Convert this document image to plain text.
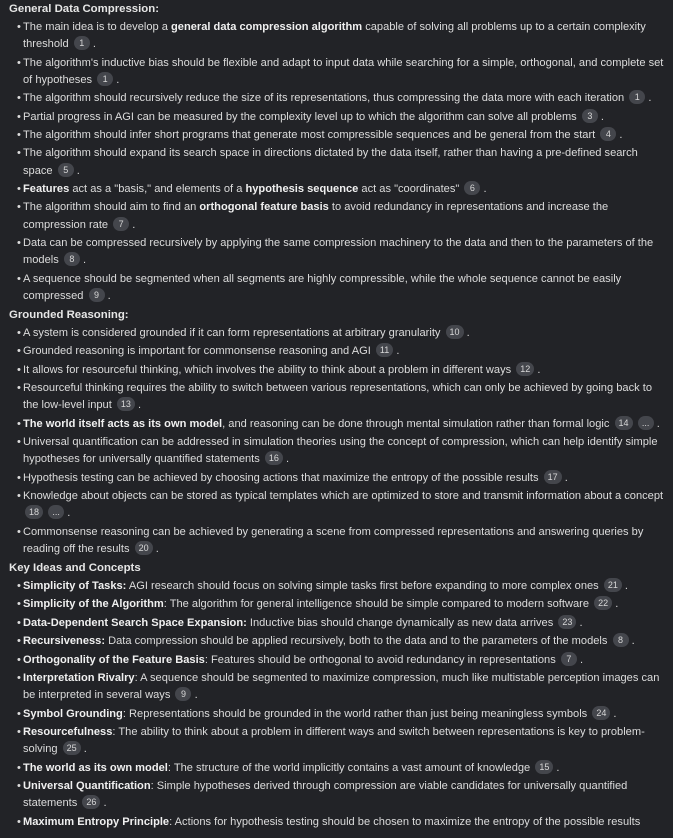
General Data Compression:
• The main idea is to develop a general data compression algorithm capable of solving all problems up to a certain complexity threshold 1 .
• The algorithm's inductive bias should be flexible and adapt to input data while searching for a simple, orthogonal, and complete set of hypotheses 1 .
• The algorithm should recursively reduce the size of its representations, thus compressing the data more with each iteration 1 .
• Partial progress in AGI can be measured by the complexity level up to which the algorithm can solve all problems 3 .
• The algorithm should infer short programs that generate most compressible sequences and be general from the start 4 .
• The algorithm should expand its search space in directions dictated by the data itself, rather than having a pre-defined search space 5 .
• Features act as a "basis," and elements of a hypothesis sequence act as "coordinates" 6 .
• The algorithm should aim to find an orthogonal feature basis to avoid redundancy in representations and increase the compression rate 7 .
• Data can be compressed recursively by applying the same compression machinery to the data and then to the parameters of the models 8 .
• A sequence should be segmented when all segments are highly compressible, while the whole sequence cannot be easily compressed 9 .
Grounded Reasoning:
• A system is considered grounded if it can form representations at arbitrary granularity 10 .
• Grounded reasoning is important for commonsense reasoning and AGI 11 .
• It allows for resourceful thinking, which involves the ability to think about a problem in different ways 12 .
• Resourceful thinking requires the ability to switch between various representations, which can only be achieved by going back to the low-level input 13 .
• The world itself acts as its own model, and reasoning can be done through mental simulation rather than formal logic 14 ... .
• Universal quantification can be addressed in simulation theories using the concept of compression, which can help identify simple hypotheses for universally quantified statements 16 .
• Hypothesis testing can be achieved by choosing actions that maximize the entropy of the possible results 17 .
• Knowledge about objects can be stored as typical templates which are optimized to store and transmit information about a concept 18 ... .
• Commonsense reasoning can be achieved by generating a scene from compressed representations and answering queries by reading off the results 20 .
Key Ideas and Concepts
• Simplicity of Tasks: AGI research should focus on solving simple tasks first before expanding to more complex ones 21 .
• Simplicity of the Algorithm: The algorithm for general intelligence should be simple compared to modern software 22 .
• Data-Dependent Search Space Expansion: Inductive bias should change dynamically as new data arrives 23 .
• Recursiveness: Data compression should be applied recursively, both to the data and to the parameters of the models 8 .
• Orthogonality of the Feature Basis: Features should be orthogonal to avoid redundancy in representations 7 .
• Interpretation Rivalry: A sequence should be segmented to maximize compression, much like multistable perception images can be interpreted in several ways 9 .
• Symbol Grounding: Representations should be grounded in the world rather than just being meaningless symbols 24 .
• Resourcefulness: The ability to think about a problem in different ways and switch between representations is key to problem-solving 25 .
• The world as its own model: The structure of the world implicitly contains a vast amount of knowledge 15 .
• Universal Quantification: Simple hypotheses derived through compression are viable candidates for universally quantified statements 26 .
• Maximum Entropy Principle: Actions for hypothesis testing should be chosen to maximize the entropy of the possible results
